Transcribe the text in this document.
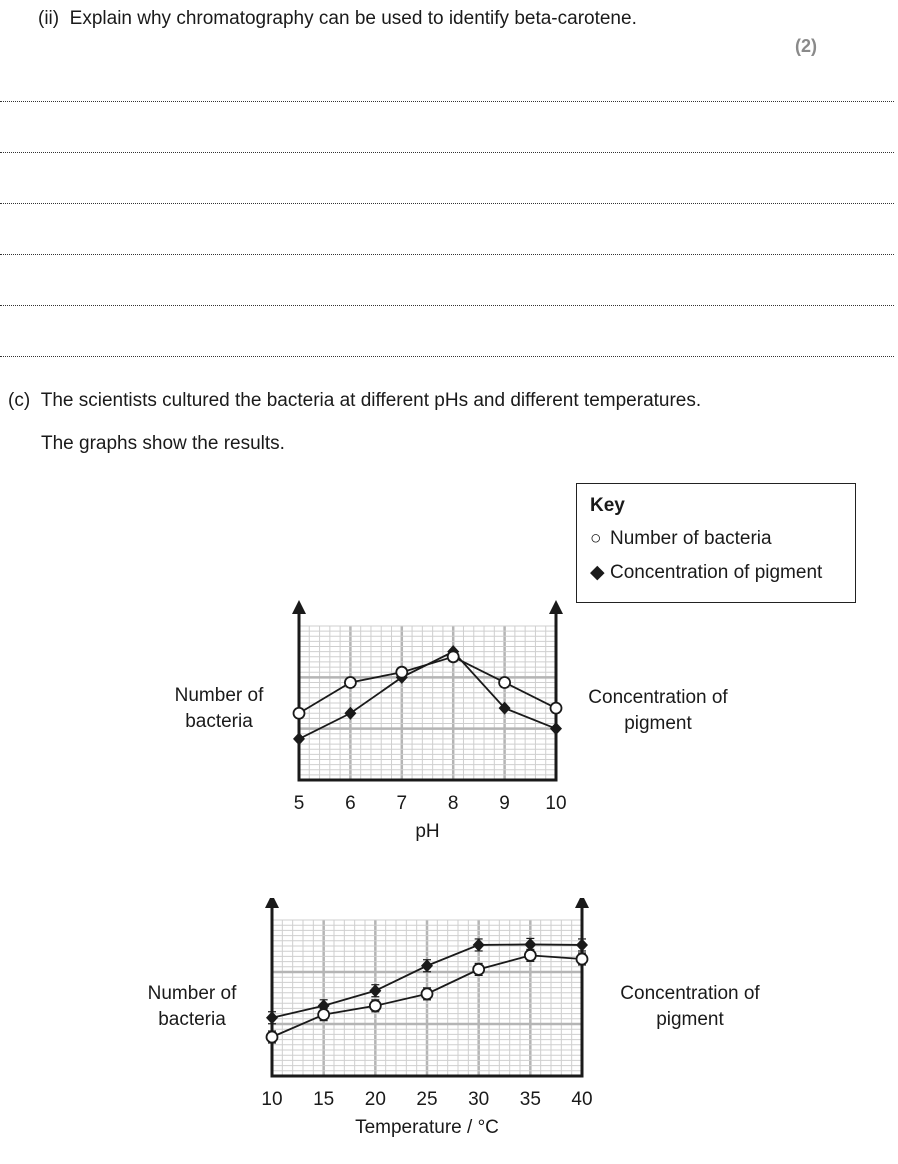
(ii) Explain why chromatography can be used to identify beta-carotene.
(2)
(c) The scientists cultured the bacteria at different pHs and different temperatures.
The graphs show the results.
Key
○ Number of bacteria
◆ Concentration of pigment
Number of bacteria
Concentration of pigment
Number of bacteria
Concentration of pigment
5 6 7 8 9 10
pH
10 15 20 25 30 35 40
Temperature / °C
